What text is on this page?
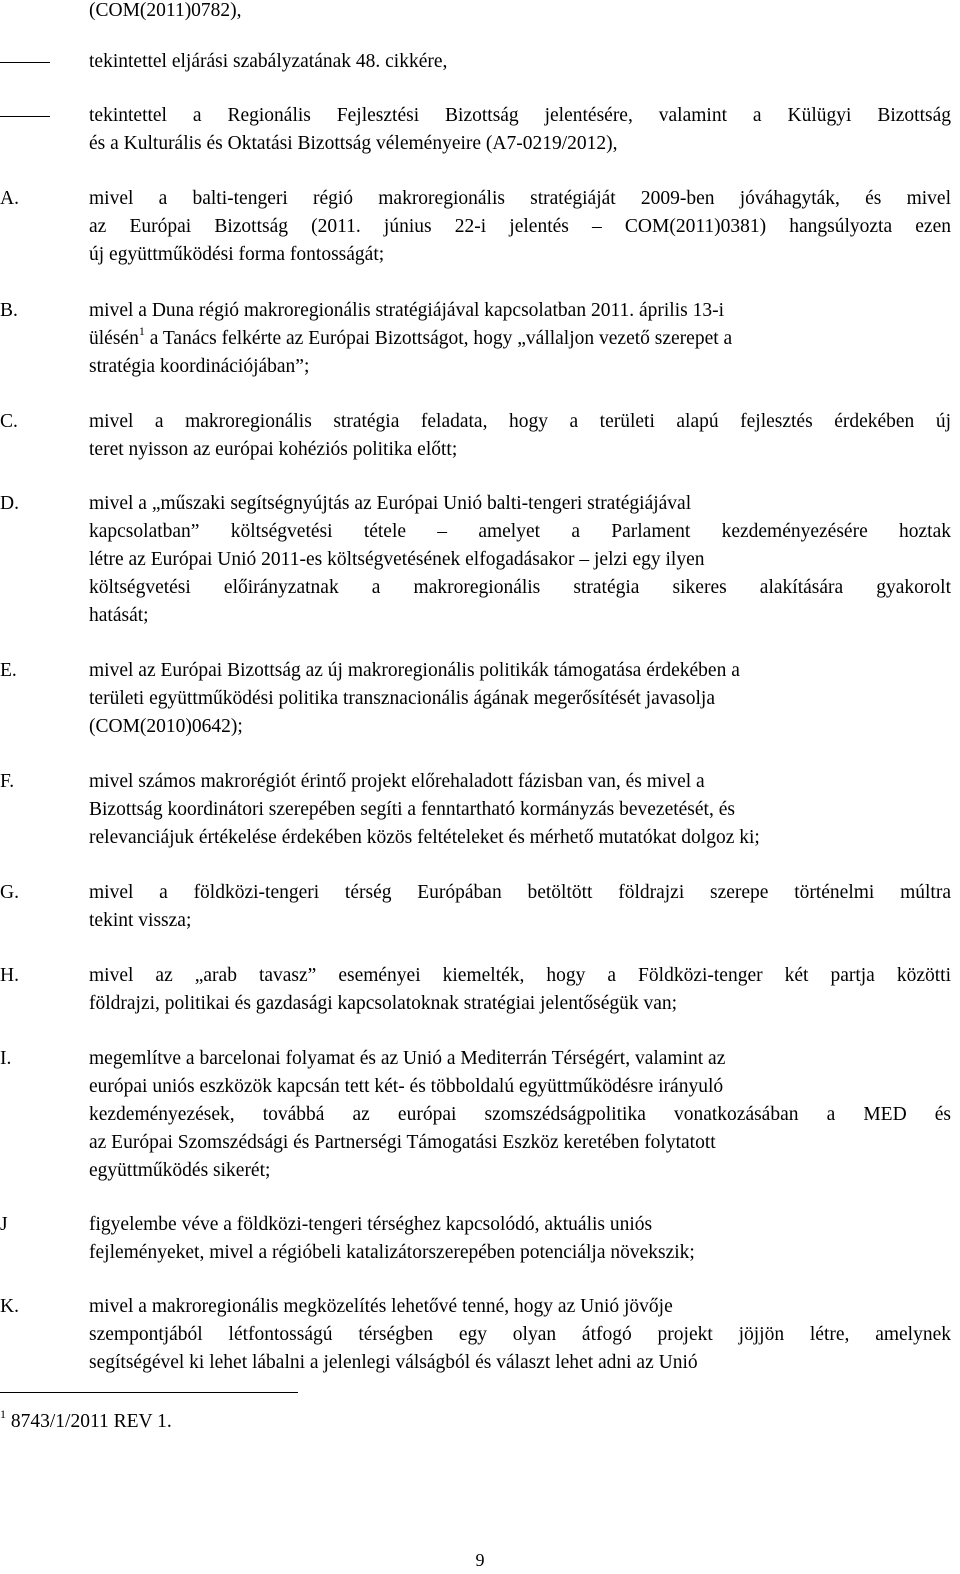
(COM(2011)0782),
tekintettel eljárási szabályzatának 48. cikkére,
tekintettel a Regionális Fejlesztési Bizottság jelentésére, valamint a Külügyi Bizottság
és a Kulturális és Oktatási Bizottság véleményeire (A7-0219/2012),
A.	mivel a balti-tengeri régió makroregionális stratégiáját 2009-ben jóváhagyták, és mivel
az Európai Bizottság (2011. június 22-i jelentés – COM(2011)0381) hangsúlyozta ezen
új együttműködési forma fontosságát;
B.	mivel a Duna régió makroregionális stratégiájával kapcsolatban 2011. április 13-i
ülésén$^1$ a Tanács felkérte az Európai Bizottságot, hogy „vállaljon vezető szerepet a
stratégia koordinációjában”;
C.	mivel a makroregionális stratégia feladata, hogy a területi alapú fejlesztés érdekében új
teret nyisson az európai kohéziós politika előtt;
D.	mivel a „műszaki segítségnyújtás az Európai Unió balti-tengeri stratégiájával
kapcsolatban” költségvetési tétele – amelyet a Parlament kezdeményezésére hoztak
létre az Európai Unió 2011-es költségvetésének elfogadásakor – jelzi egy ilyen
költségvetési előirányzatnak a makroregionális stratégia sikeres alakítására gyakorolt
hatását;
E.	mivel az Európai Bizottság az új makroregionális politikák támogatása érdekében a
területi együttműködési politika transznacionális ágának megerősítését javasolja
(COM(2010)0642);
F.	mivel számos makrorégiót érintő projekt előrehaladott fázisban van, és mivel a
Bizottság koordinátori szerepében segíti a fenntartható kormányzás bevezetését, és
relevanciájuk értékelése érdekében közös feltételeket és mérhető mutatókat dolgoz ki;
G.	mivel a földközi-tengeri térség Európában betöltött földrajzi szerepe történelmi múltra
tekint vissza;
H.	mivel az „arab tavasz” eseményei kiemelték, hogy a Földközi-tenger két partja közötti
földrajzi, politikai és gazdasági kapcsolatoknak stratégiai jelentőségük van;
I.	megemlítve a barcelonai folyamat és az Unió a Mediterrán Térségért, valamint az
európai uniós eszközök kapcsán tett két- és többoldalú együttműködésre irányuló
kezdeményezések, továbbá az európai szomszédságpolitika vonatkozásában a MED és
az Európai Szomszédsági és Partnerségi Támogatási Eszköz keretében folytatott
együttműködés sikerét;
J	figyelembe véve a földközi-tengeri térséghez kapcsolódó, aktuális uniós
fejleményeket, mivel a régióbeli katalizátorszerepében potenciálja növekszik;
K.	mivel a makroregionális megközelítés lehetővé tenné, hogy az Unió jövője
szempontjából létfontosságú térségben egy olyan átfogó projekt jöjjön létre, amelynek
segítségével ki lehet lábalni a jelenlegi válságból és választ lehet adni az Unió
$^1$ 8743/1/2011 REV 1.
9
